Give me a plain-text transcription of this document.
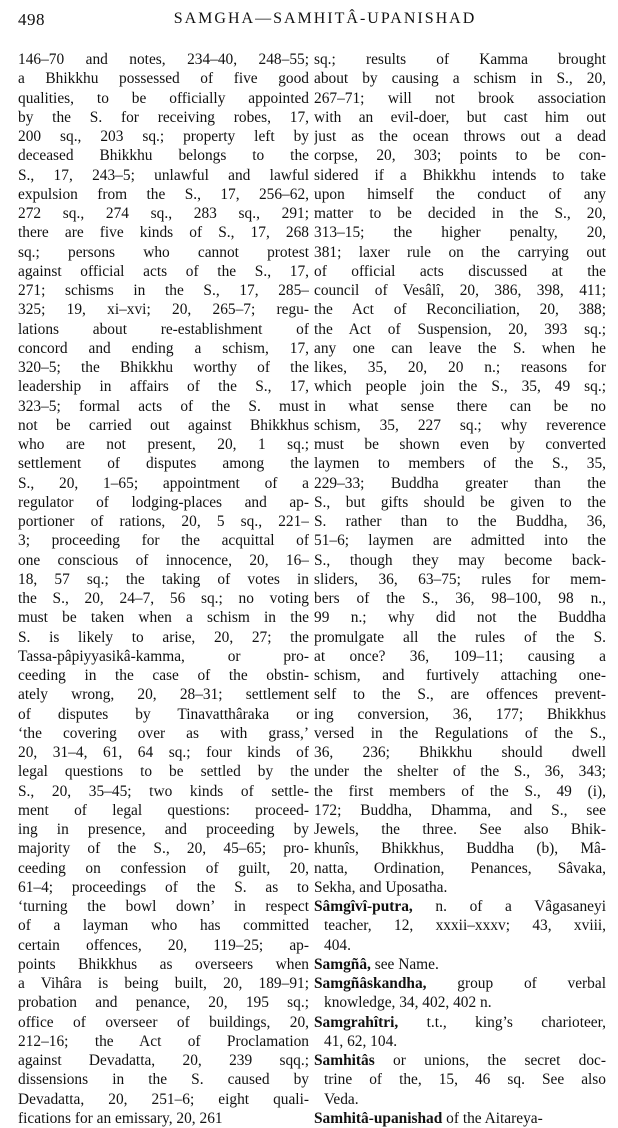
498	SAMGHA—SAMHITÂ-UPANISHAD
146–70 and notes, 234–40, 248–55;
a Bhikkhu possessed of five good
qualities, to be officially appointed
by the S. for receiving robes, 17,
200 sq., 203 sq.; property left by
deceased Bhikkhu belongs to the
S., 17, 243–5; unlawful and lawful
expulsion from the S., 17, 256–62,
272 sq., 274 sq., 283 sq., 291;
there are five kinds of S., 17, 268
sq.; persons who cannot protest
against official acts of the S., 17,
271; schisms in the S., 17, 285–
325; 19, xi–xvi; 20, 265–7; regu-
lations about re-establishment of
concord and ending a schism, 17,
320–5; the Bhikkhu worthy of the
leadership in affairs of the S., 17,
323–5; formal acts of the S. must
not be carried out against Bhikkhus
who are not present, 20, 1 sq.;
settlement of disputes among the
S., 20, 1–65; appointment of a
regulator of lodging-places and ap-
portioner of rations, 20, 5 sq., 221–
3; proceeding for the acquittal of
one conscious of innocence, 20, 16–
18, 57 sq.; the taking of votes in
the S., 20, 24–7, 56 sq.; no voting
must be taken when a schism in the
S. is likely to arise, 20, 27; the
Tassa-pâpiyyasikâ-kamma, or pro-
ceeding in the case of the obstin-
ately wrong, 20, 28–31; settlement
of disputes by Tinavatthâraka or
‘the covering over as with grass,’
20, 31–4, 61, 64 sq.; four kinds of
legal questions to be settled by the
S., 20, 35–45; two kinds of settle-
ment of legal questions: proceed-
ing in presence, and proceeding by
majority of the S., 20, 45–65; pro-
ceeding on confession of guilt, 20,
61–4; proceedings of the S. as to
‘turning the bowl down’ in respect
of a layman who has committed
certain offences, 20, 119–25; ap-
points Bhikkhus as overseers when
a Vihâra is being built, 20, 189–91;
probation and penance, 20, 195 sq.;
office of overseer of buildings, 20,
212–16; the Act of Proclamation
against Devadatta, 20, 239 sqq.;
dissensions in the S. caused by
Devadatta, 20, 251–6; eight quali-
fications for an emissary, 20, 261
sq.; results of Kamma brought
about by causing a schism in S., 20,
267–71; will not brook association
with an evil-doer, but cast him out
just as the ocean throws out a dead
corpse, 20, 303; points to be con-
sidered if a Bhikkhu intends to take
upon himself the conduct of any
matter to be decided in the S., 20,
313–15; the higher penalty, 20,
381; laxer rule on the carrying out
of official acts discussed at the
council of Vesâlî, 20, 386, 398, 411;
the Act of Reconciliation, 20, 388;
the Act of Suspension, 20, 393 sq.;
any one can leave the S. when he
likes, 35, 20, 20 n.; reasons for
which people join the S., 35, 49 sq.;
in what sense there can be no
schism, 35, 227 sq.; why reverence
must be shown even by converted
laymen to members of the S., 35,
229–33; Buddha greater than the
S., but gifts should be given to the
S. rather than to the Buddha, 36,
51–6; laymen are admitted into the
S., though they may become back-
sliders, 36, 63–75; rules for mem-
bers of the S., 36, 98–100, 98 n.,
99 n.; why did not the Buddha
promulgate all the rules of the S.
at once? 36, 109–11; causing a
schism, and furtively attaching one-
self to the S., are offences prevent-
ing conversion, 36, 177; Bhikkhus
versed in the Regulations of the S.,
36, 236; Bhikkhu should dwell
under the shelter of the S., 36, 343;
the first members of the S., 49 (i),
172; Buddha, Dhamma, and S., see
Jewels, the three. See also Bhik-
khunîs, Bhikkhus, Buddha (b), Mâ-
natta, Ordination, Penances, Sâvaka,
Sekha, and Uposatha.
Sâmgîvî-putra, n. of a Vâgasaneyi
teacher, 12, xxxii–xxxv; 43, xviii,
404.
Samgñâ, see Name.
Samgñâskandha, group of verbal
knowledge, 34, 402, 402 n.
Samgrahîtri, t.t., king’s charioteer,
41, 62, 104.
Samhitâs or unions, the secret doc-
trine of the, 15, 46 sq. See also
Veda.
Samhitâ-upanishad of the Aitareya-
